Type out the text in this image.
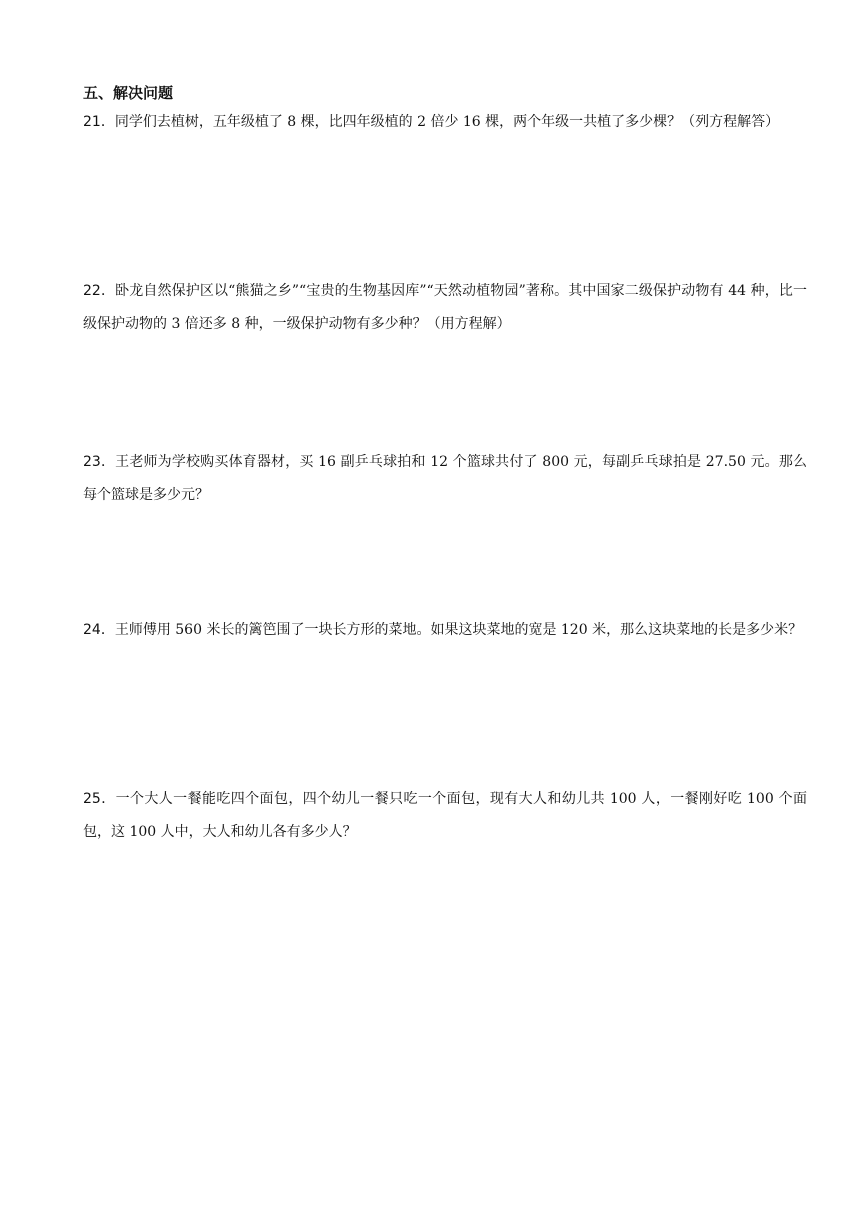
五、解决问题

21．同学们去植树，五年级植了 8 棵，比四年级植的 2 倍少 16 棵，两个年级一共植了多少棵？（列方程解答）

22．卧龙自然保护区以“熊猫之乡”“宝贵的生物基因库”“天然动植物园”著称。其中国家二级保护动物有 44 种，比一级保护动物的 3 倍还多 8 种，一级保护动物有多少种？（用方程解）

23．王老师为学校购买体育器材，买 16 副乒乓球拍和 12 个篮球共付了 800 元，每副乒乓球拍是 27.50 元。那么每个篮球是多少元？

24．王师傅用 560 米长的篱笆围了一块长方形的菜地。如果这块菜地的宽是 120 米，那么这块菜地的长是多少米？

25．一个大人一餐能吃四个面包，四个幼儿一餐只吃一个面包，现有大人和幼儿共 100 人，一餐刚好吃 100 个面包，这 100 人中，大人和幼儿各有多少人？
